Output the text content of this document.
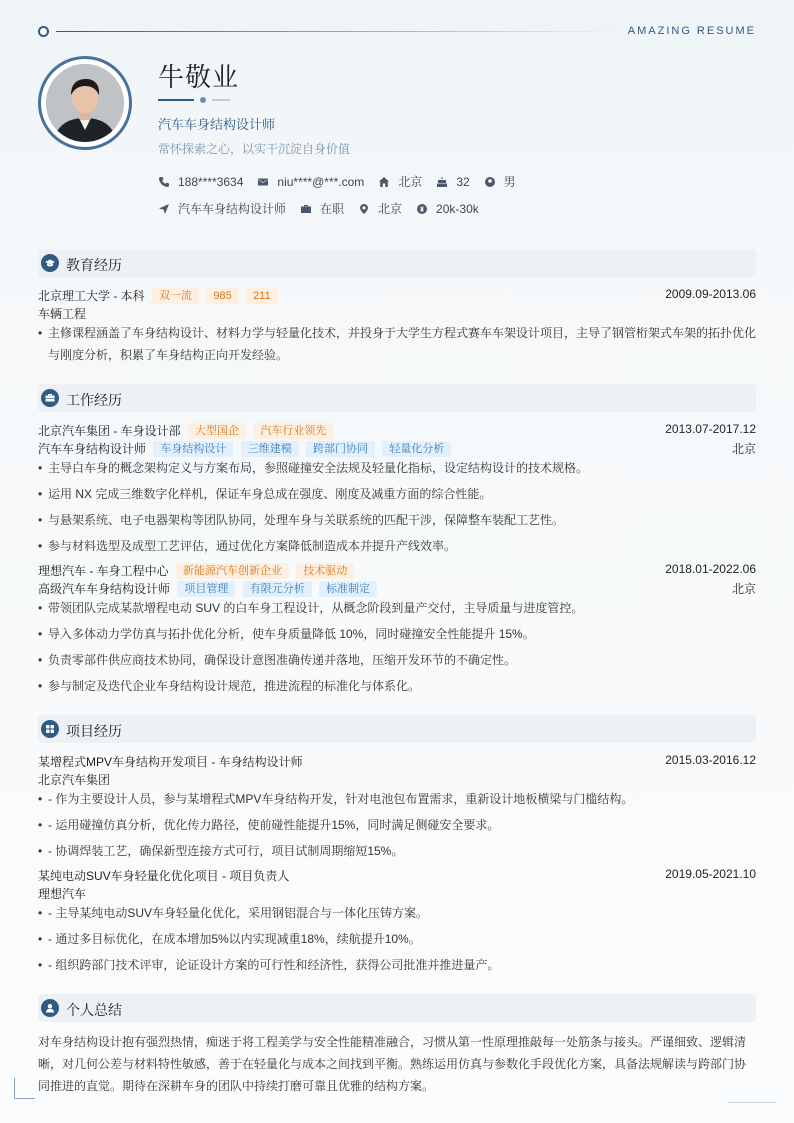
AMAZING RESUME
牛敬业
汽车车身结构设计师
常怀探索之心，以实干沉淀自身价值
188****3634	niu****@***.com	北京	32	男
汽车车身结构设计师	在职	北京	20k-30k
教育经历
北京理工大学 - 本科 双一流 985 211	2009.09-2013.06
车辆工程
• 主修课程涵盖了车身结构设计、材料力学与轻量化技术，并投身于大学生方程式赛车车架设计项目，主导了钢管桁架式车架的拓扑优化与刚度分析，积累了车身结构正向开发经验。
工作经历
北京汽车集团 - 车身设计部 大型国企 汽车行业领先	2013.07-2017.12
汽车车身结构设计师 车身结构设计 三维建模 跨部门协同 轻量化分析	北京
• 主导白车身的概念架构定义与方案布局，参照碰撞安全法规及轻量化指标，设定结构设计的技术规格。
• 运用 NX 完成三维数字化样机，保证车身总成在强度、刚度及减重方面的综合性能。
• 与悬架系统、电子电器架构等团队协同，处理车身与关联系统的匹配干涉，保障整车装配工艺性。
• 参与材料选型及成型工艺评估，通过优化方案降低制造成本并提升产线效率。
理想汽车 - 车身工程中心 新能源汽车创新企业 技术驱动	2018.01-2022.06
高级汽车车身结构设计师 项目管理 有限元分析 标准制定	北京
• 带领团队完成某款增程电动 SUV 的白车身工程设计，从概念阶段到量产交付，主导质量与进度管控。
• 导入多体动力学仿真与拓扑优化分析，使车身质量降低 10%，同时碰撞安全性能提升 15%。
• 负责零部件供应商技术协同，确保设计意图准确传递并落地，压缩开发环节的不确定性。
• 参与制定及迭代企业车身结构设计规范，推进流程的标准化与体系化。
项目经历
某增程式MPV车身结构开发项目 - 车身结构设计师	2015.03-2016.12
北京汽车集团
• - 作为主要设计人员，参与某增程式MPV车身结构开发，针对电池包布置需求，重新设计地板横梁与门槛结构。
• - 运用碰撞仿真分析，优化传力路径，使前碰性能提升15%，同时满足侧碰安全要求。
• - 协调焊装工艺，确保新型连接方式可行，项目试制周期缩短15%。
某纯电动SUV车身轻量化优化项目 - 项目负责人	2019.05-2021.10
理想汽车
• - 主导某纯电动SUV车身轻量化优化，采用钢铝混合与一体化压铸方案。
• - 通过多目标优化，在成本增加5%以内实现减重18%，续航提升10%。
• - 组织跨部门技术评审，论证设计方案的可行性和经济性，获得公司批准并推进量产。
个人总结
对车身结构设计抱有强烈热情，痴迷于将工程美学与安全性能精准融合，习惯从第一性原理推敲每一处筋条与接头。严谨细致、逻辑清晰，对几何公差与材料特性敏感，善于在轻量化与成本之间找到平衡。熟练运用仿真与参数化手段优化方案，具备法规解读与跨部门协同推进的直觉。期待在深耕车身的团队中持续打磨可靠且优雅的结构方案。
